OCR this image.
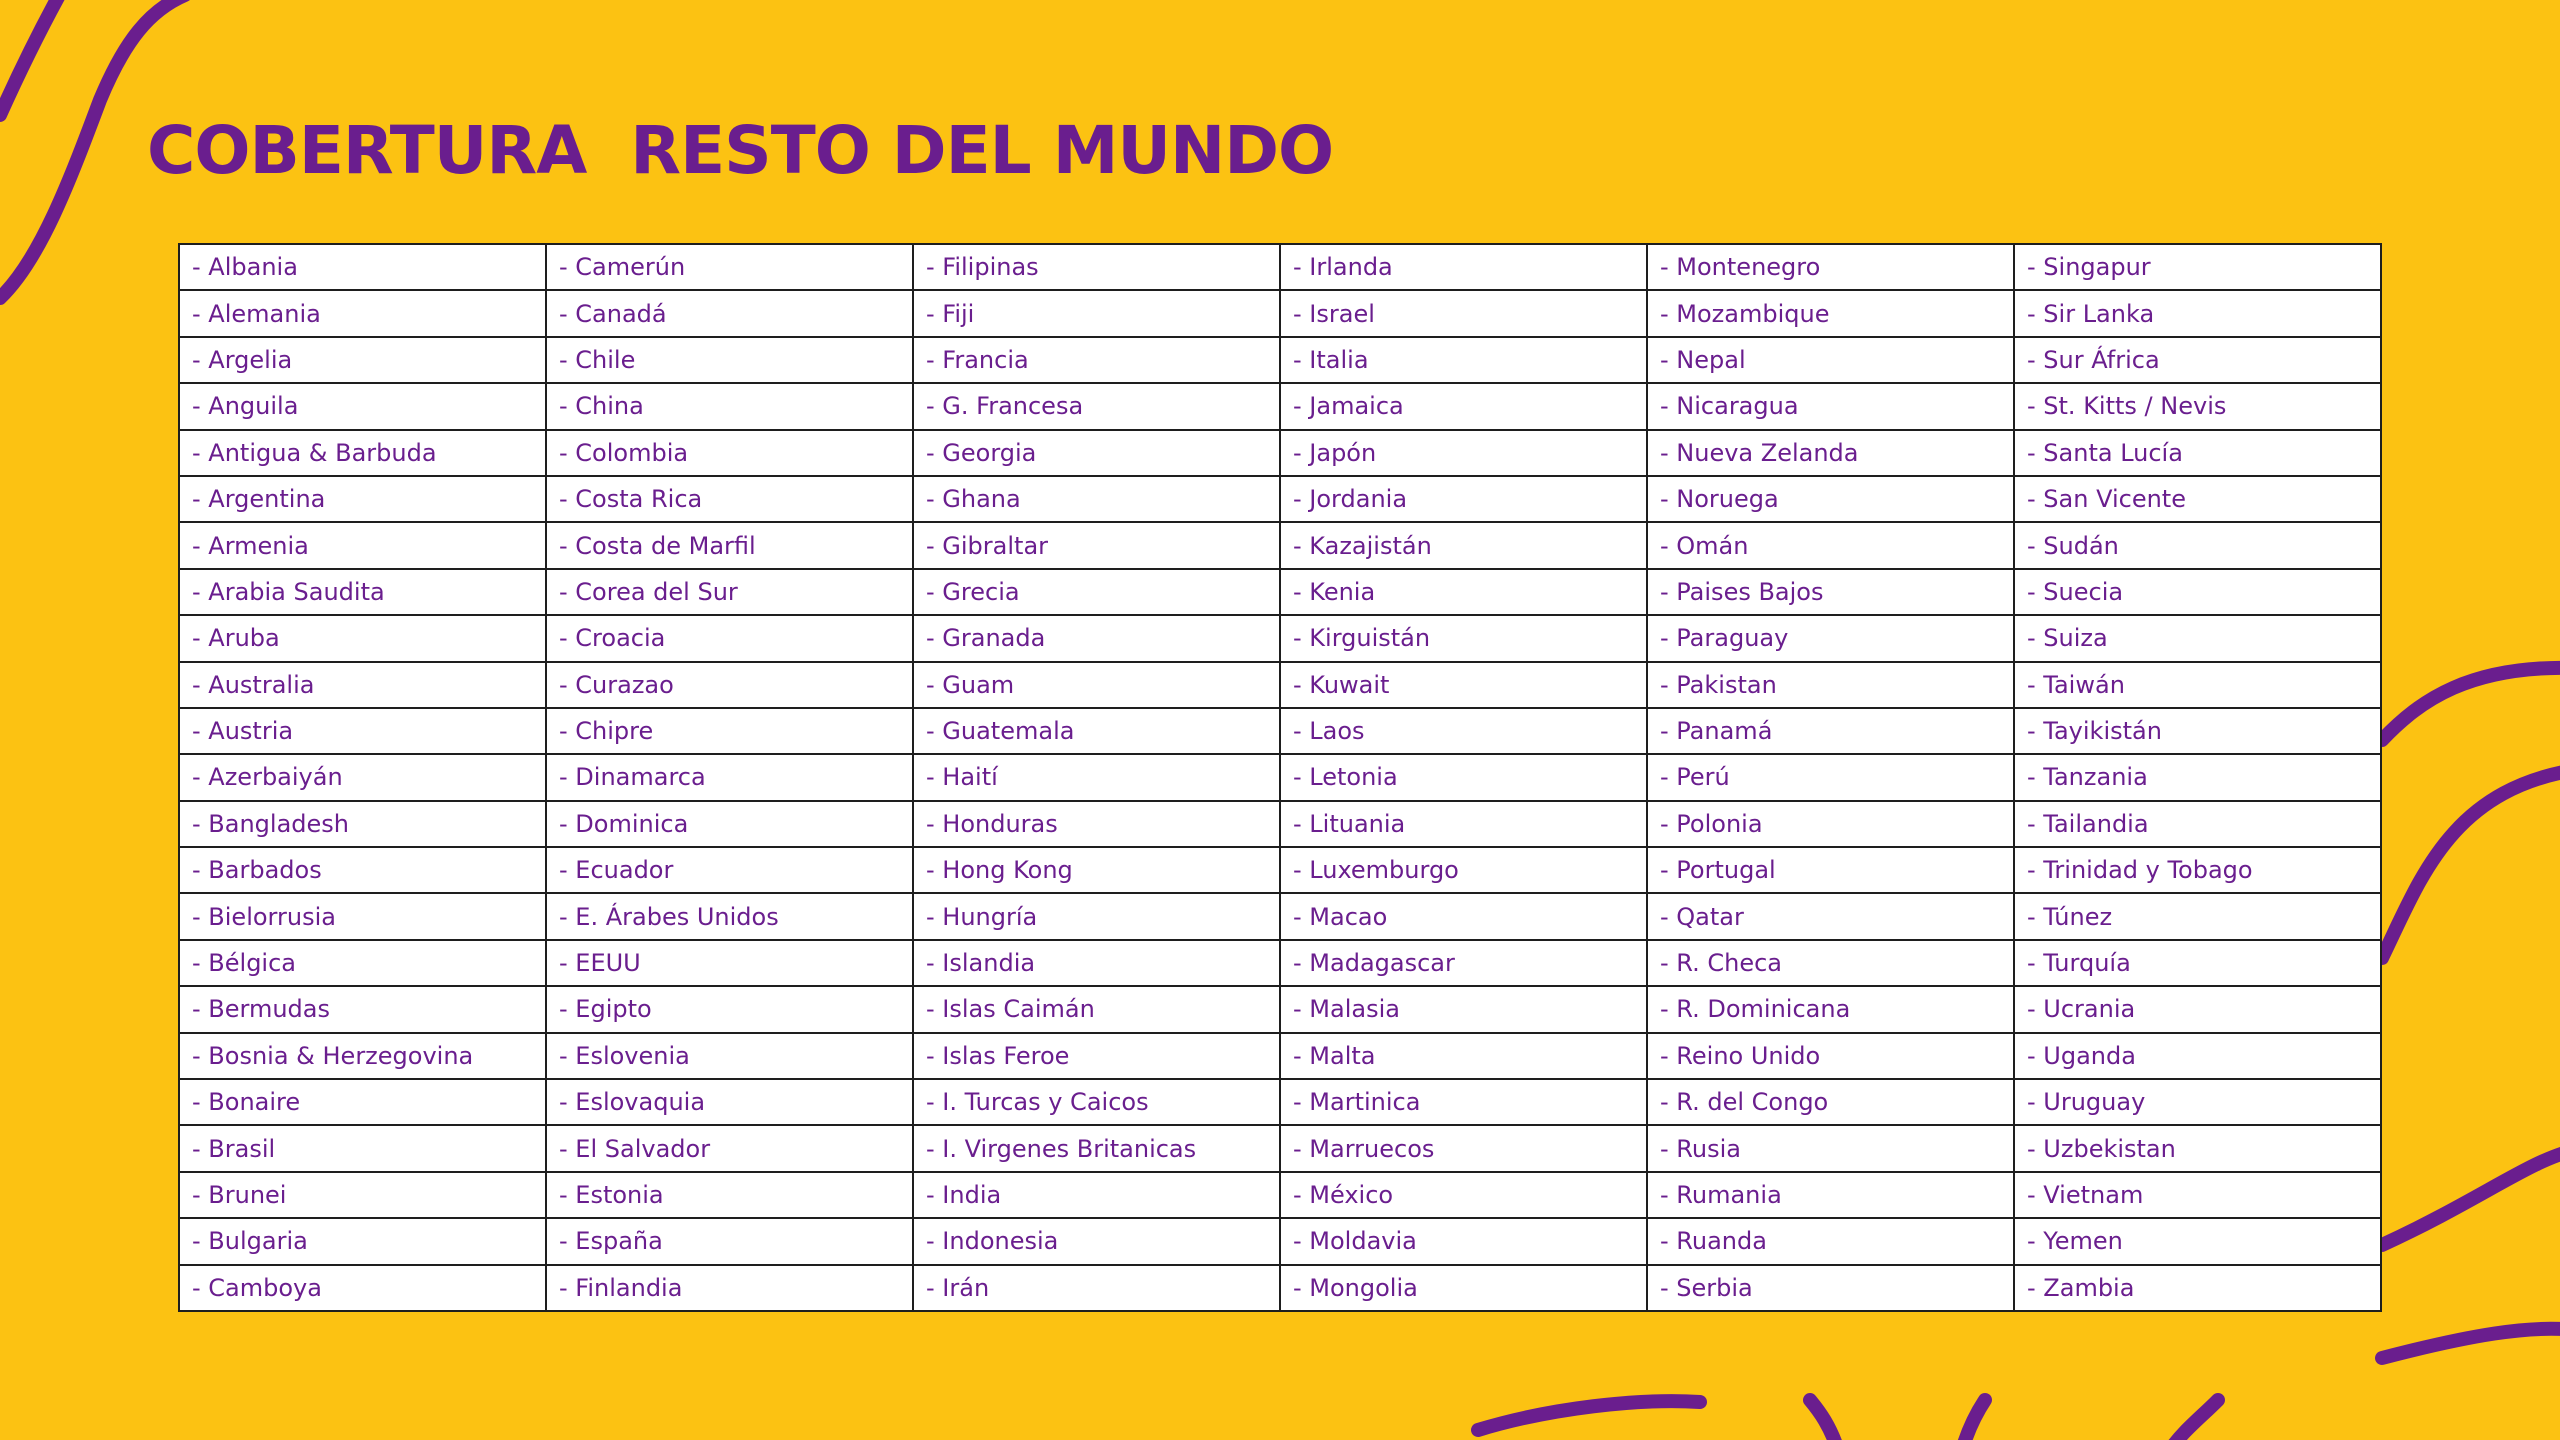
COBERTURA  RESTO DEL MUNDO
- Albania	- Camerún	- Filipinas	- Irlanda	- Montenegro	- Singapur
- Alemania	- Canadá	- Fiji	- Israel	- Mozambique	- Sir Lanka
- Argelia	- Chile	- Francia	- Italia	- Nepal	- Sur África
- Anguila	- China	- G. Francesa	- Jamaica	- Nicaragua	- St. Kitts / Nevis
- Antigua & Barbuda	- Colombia	- Georgia	- Japón	- Nueva Zelanda	- Santa Lucía
- Argentina	- Costa Rica	- Ghana	- Jordania	- Noruega	- San Vicente
- Armenia	- Costa de Marfil	- Gibraltar	- Kazajistán	- Omán	- Sudán
- Arabia Saudita	- Corea del Sur	- Grecia	- Kenia	- Paises Bajos	- Suecia
- Aruba	- Croacia	- Granada	- Kirguistán	- Paraguay	- Suiza
- Australia	- Curazao	- Guam	- Kuwait	- Pakistan	- Taiwán
- Austria	- Chipre	- Guatemala	- Laos	- Panamá	- Tayikistán
- Azerbaiyán	- Dinamarca	- Haití	- Letonia	- Perú	- Tanzania
- Bangladesh	- Dominica	- Honduras	- Lituania	- Polonia	- Tailandia
- Barbados	- Ecuador	- Hong Kong	- Luxemburgo	- Portugal	- Trinidad y Tobago
- Bielorrusia	- E. Árabes Unidos	- Hungría	- Macao	- Qatar	- Túnez
- Bélgica	- EEUU	- Islandia	- Madagascar	- R. Checa	- Turquía
- Bermudas	- Egipto	- Islas Caimán	- Malasia	- R. Dominicana	- Ucrania
- Bosnia & Herzegovina	- Eslovenia	- Islas Feroe	- Malta	- Reino Unido	- Uganda
- Bonaire	- Eslovaquia	- I. Turcas y Caicos	- Martinica	- R. del Congo	- Uruguay
- Brasil	- El Salvador	- I. Virgenes Britanicas	- Marruecos	- Rusia	- Uzbekistan
- Brunei	- Estonia	- India	- México	- Rumania	- Vietnam
- Bulgaria	- España	- Indonesia	- Moldavia	- Ruanda	- Yemen
- Camboya	- Finlandia	- Irán	- Mongolia	- Serbia	- Zambia
